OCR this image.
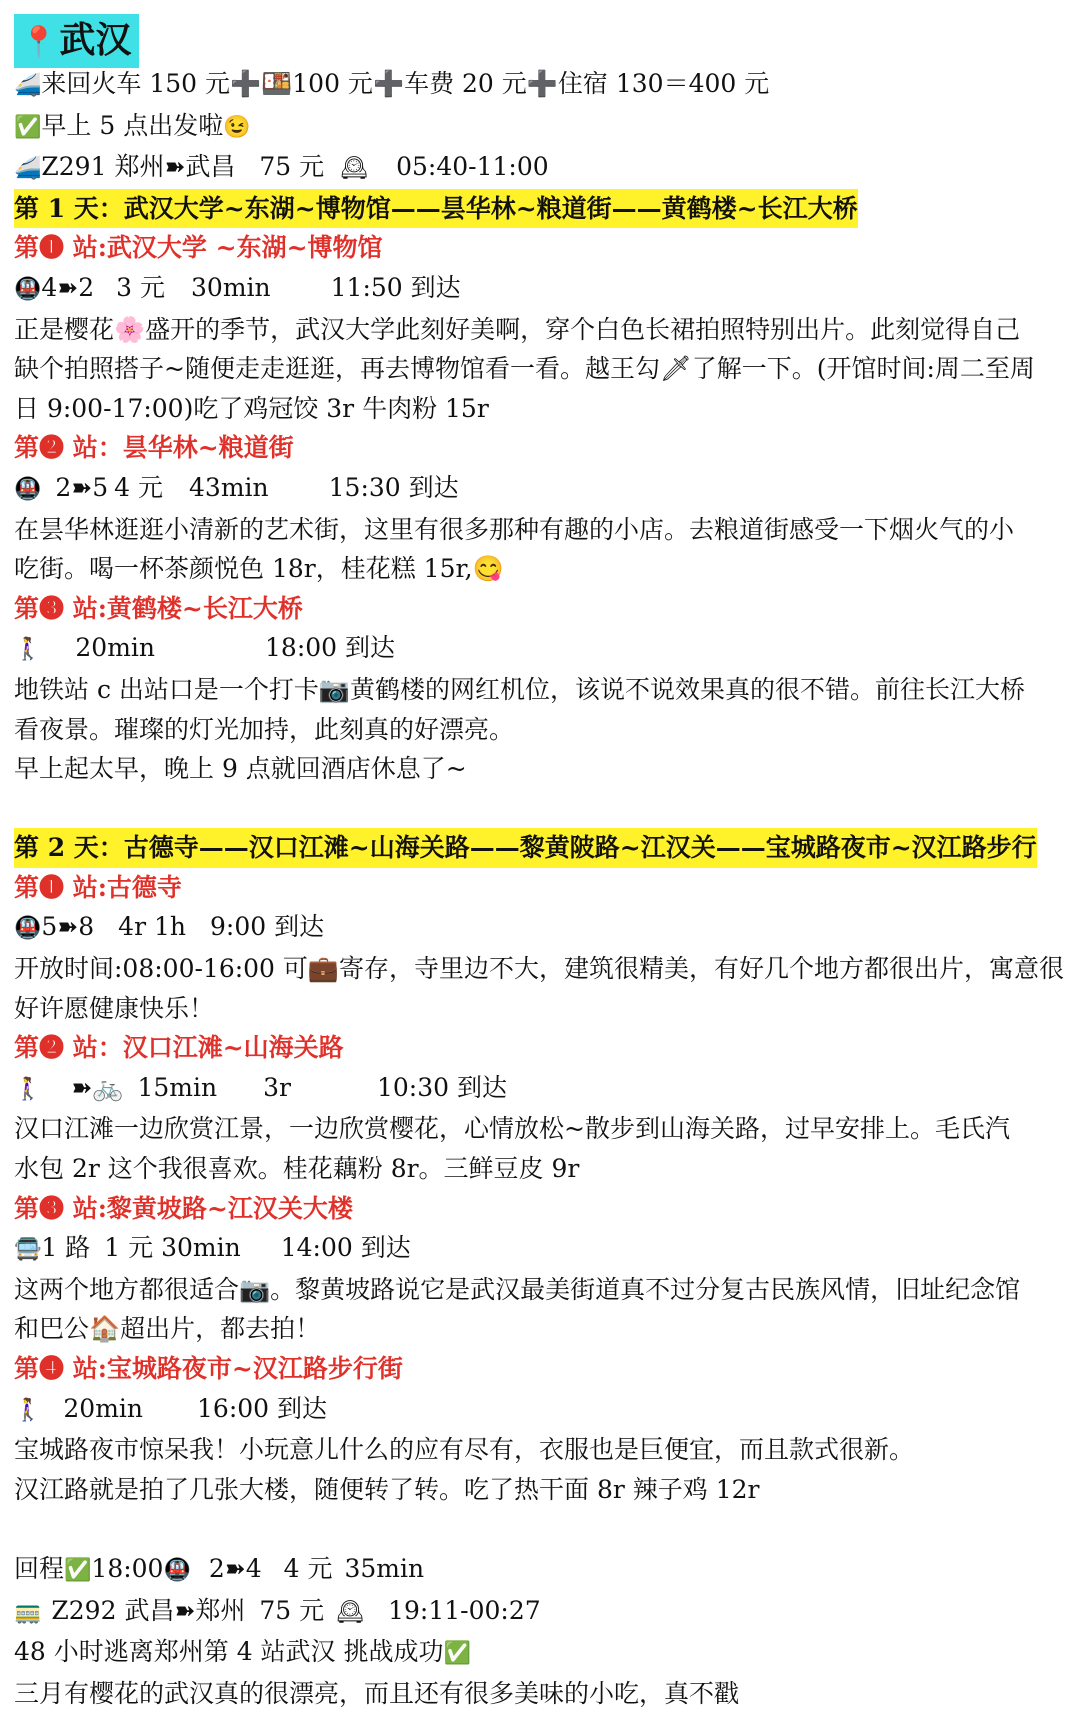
📍武汉
🚄来回火车 150 元➕🍱100 元➕车费 20 元➕住宿 130＝400 元
✅早上 5 点出发啦😉
🚄Z291 郑州➽武昌 75 元 🕰 05:40-11:00
第 1 天：武汉大学~东湖~博物馆——昙华林~粮道街——黄鹤楼~长江大桥
第❶ 站:武汉大学 ~东湖~博物馆
🚇4➽2 3 元 30min 11:50 到达
正是樱花🌸盛开的季节，武汉大学此刻好美啊，穿个白色长裙拍照特别出片。此刻觉得自己
缺个拍照搭子~随便走走逛逛，再去博物馆看一看。越王勾🗡了解一下。(开馆时间:周二至周
日 9:00-17:00)吃了鸡冠饺 3r 牛肉粉 15r
第❷ 站：昙华林~粮道街
🚇 2➽5 4 元 43min 15:30 到达
在昙华林逛逛小清新的艺术街，这里有很多那种有趣的小店。去粮道街感受一下烟火气的小
吃街。喝一杯茶颜悦色 18r，桂花糕 15r,😋
第❸ 站:黄鹤楼~长江大桥
🚶‍♀️ 20min	18:00 到达
地铁站 c 出站口是一个打卡📷黄鹤楼的网红机位，该说不说效果真的很不错。前往长江大桥
看夜景。璀璨的灯光加持，此刻真的好漂亮。
早上起太早，晚上 9 点就回酒店休息了~
第 2 天：古德寺——汉口江滩~山海关路——黎黄陂路~江汉关——宝城路夜市~汉江路步行
第❶ 站:古德寺
🚇5➽8 4r 1h 9:00 到达
开放时间:08:00-16:00 可💼寄存，寺里边不大，建筑很精美，有好几个地方都很出片，寓意很
好许愿健康快乐！
第❷ 站：汉口江滩~山海关路
🚶‍♀️ ➽🚲 15min 3r	10:30 到达
汉口江滩一边欣赏江景，一边欣赏樱花，心情放松~散步到山海关路，过早安排上。毛氏汽
水包 2r 这个我很喜欢。桂花藕粉 8r。三鲜豆皮 9r
第❸ 站:黎黄坡路~江汉关大楼
🚍1 路 1 元 30min 14:00 到达
这两个地方都很适合📷。黎黄坡路说它是武汉最美街道真不过分复古民族风情，旧址纪念馆
和巴公🏠超出片，都去拍！
第❹ 站:宝城路夜市~汉江路步行街
🚶‍♀️ 20min 16:00 到达
宝城路夜市惊呆我！小玩意儿什么的应有尽有，衣服也是巨便宜，而且款式很新。
汉江路就是拍了几张大楼，随便转了转。吃了热干面 8r 辣子鸡 12r
回程✅18:00🚇 2➽4 4 元 35min
🚃 Z292 武昌➽郑州 75 元 🕰 19:11-00:27
48 小时逃离郑州第 4 站武汉 挑战成功✅
三月有樱花的武汉真的很漂亮，而且还有很多美味的小吃，真不戳
